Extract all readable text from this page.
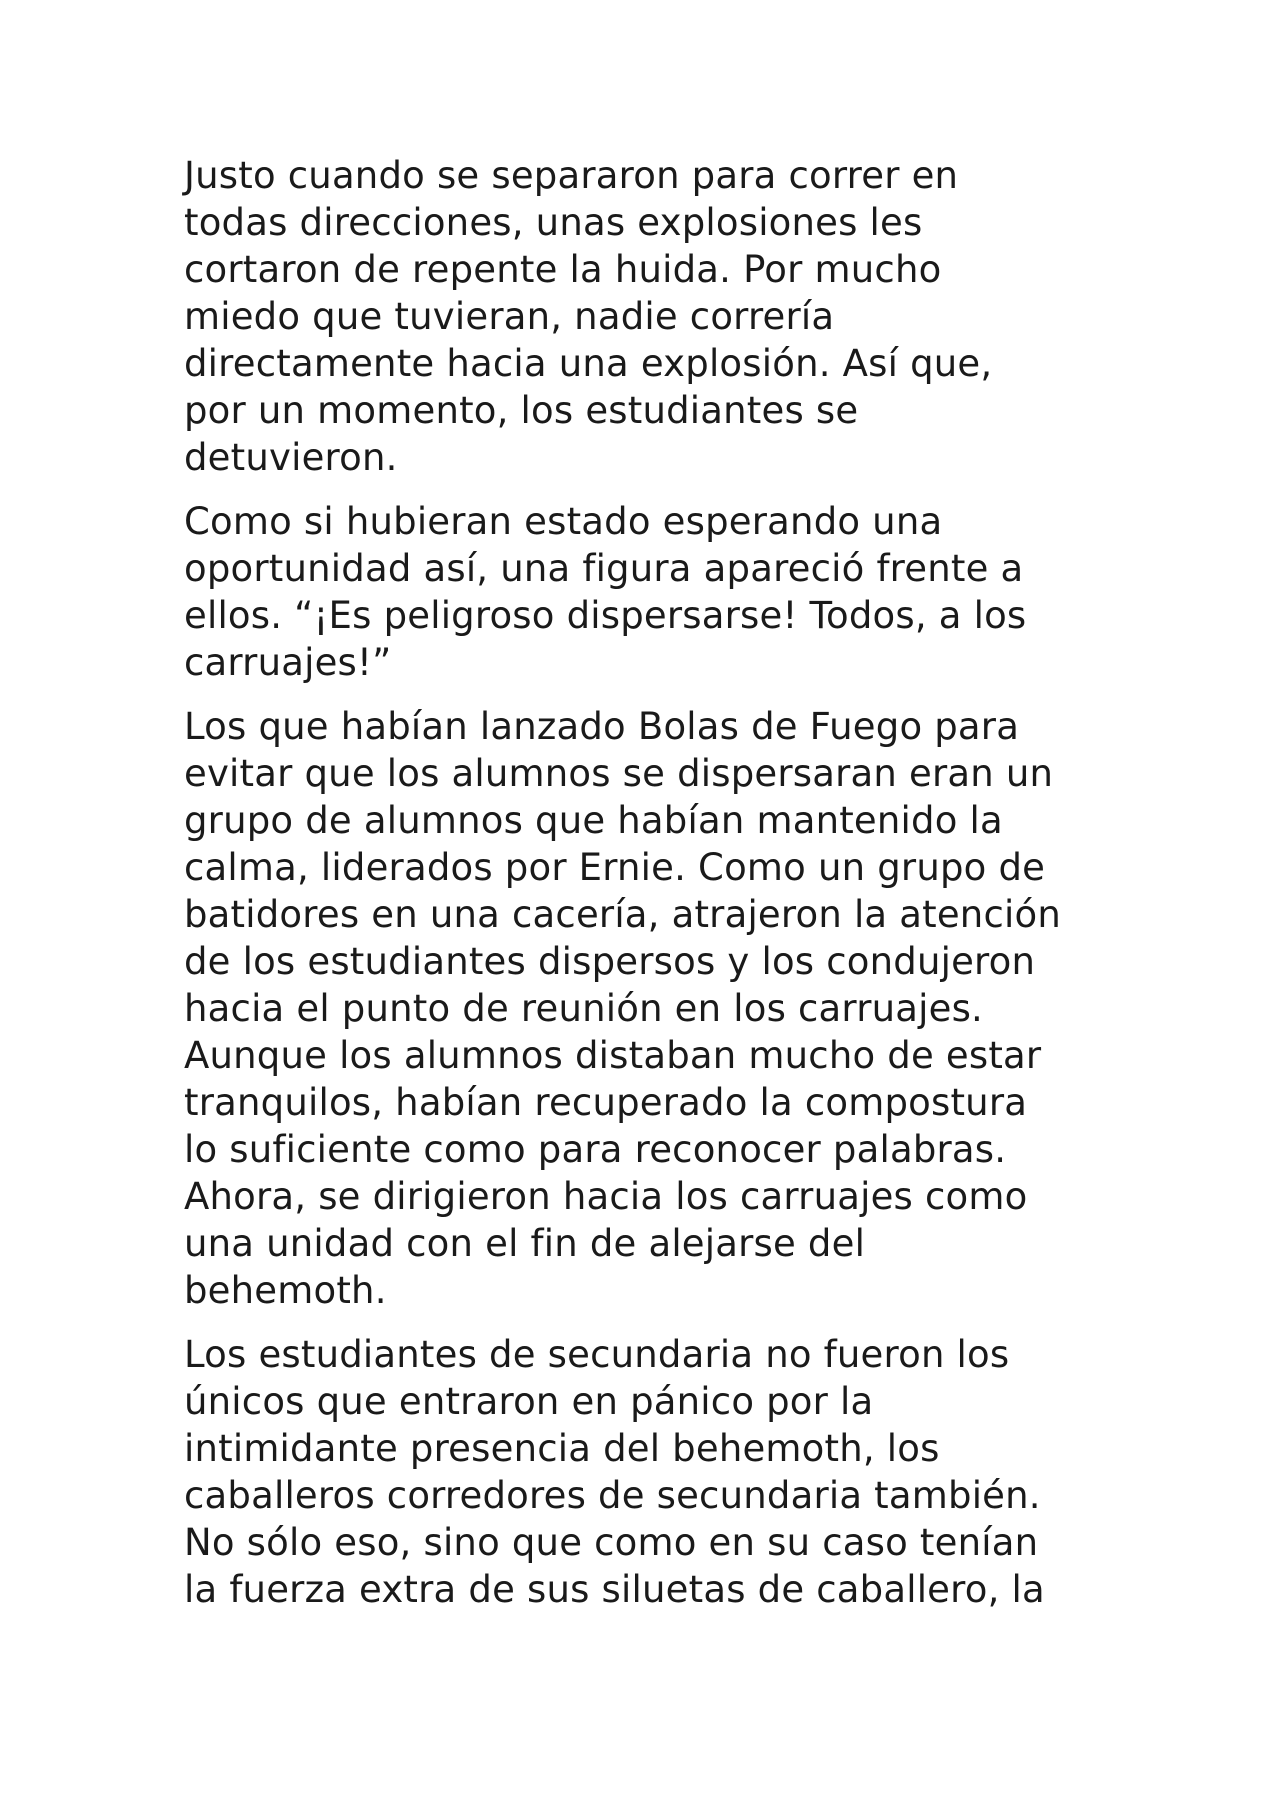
Justo cuando se separaron para correr en
todas direcciones, unas explosiones les
cortaron de repente la huida. Por mucho
miedo que tuvieran, nadie correría
directamente hacia una explosión. Así que,
por un momento, los estudiantes se
detuvieron.

Como si hubieran estado esperando una
oportunidad así, una figura apareció frente a
ellos. “¡Es peligroso dispersarse! Todos, a los
carruajes!”

Los que habían lanzado Bolas de Fuego para
evitar que los alumnos se dispersaran eran un
grupo de alumnos que habían mantenido la
calma, liderados por Ernie. Como un grupo de
batidores en una cacería, atrajeron la atención
de los estudiantes dispersos y los condujeron
hacia el punto de reunión en los carruajes.
Aunque los alumnos distaban mucho de estar
tranquilos, habían recuperado la compostura
lo suficiente como para reconocer palabras.
Ahora, se dirigieron hacia los carruajes como
una unidad con el fin de alejarse del
behemoth.

Los estudiantes de secundaria no fueron los
únicos que entraron en pánico por la
intimidante presencia del behemoth, los
caballeros corredores de secundaria también.
No sólo eso, sino que como en su caso tenían
la fuerza extra de sus siluetas de caballero, la
